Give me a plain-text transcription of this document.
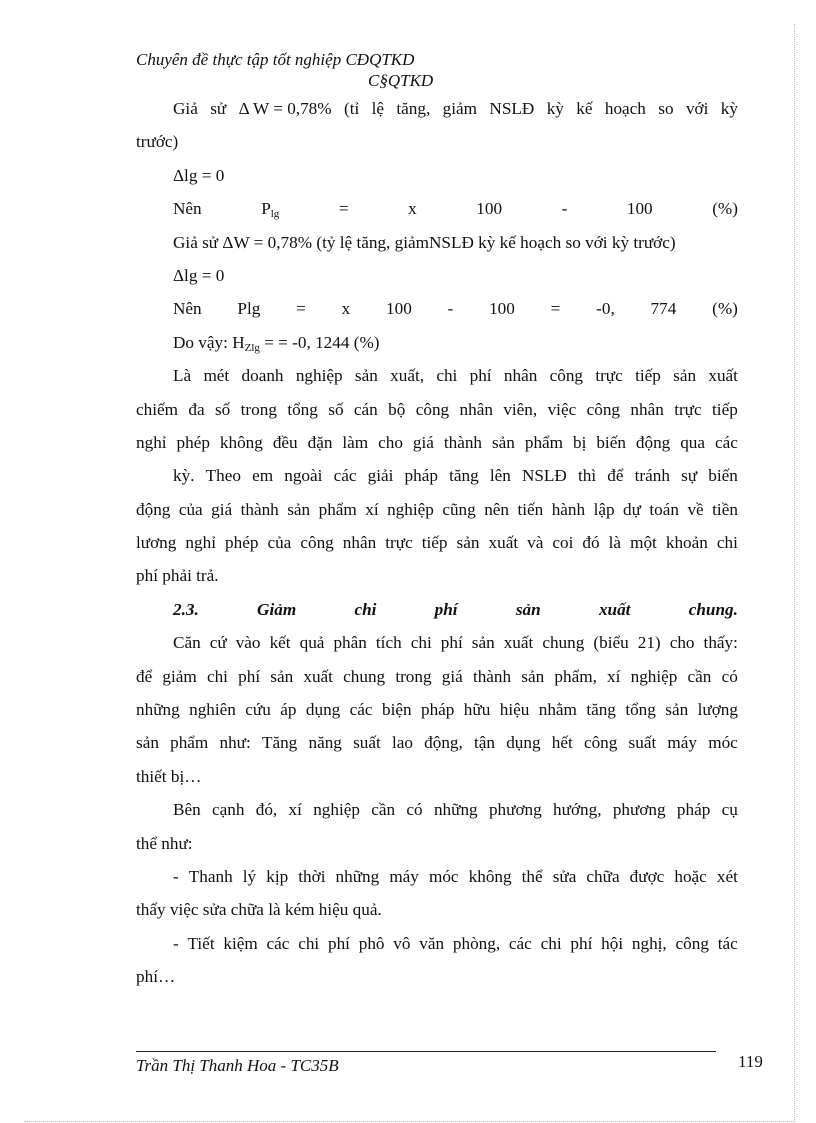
Chuyên đề thực tập tốt nghiệp CĐQTKD
C§QTKD
Giả sử Δ W = 0,78% (tỉ lệ tăng, giảm NSLĐ kỳ kế hoạch so với kỳ
trước)
Δlg = 0
Nên	$P_{lg}$	=	x	100	-	100	(%)
Giả sử ΔW = 0,78% (tỷ lệ tăng, giảmNSLĐ kỳ kế hoạch so với kỳ trước)
Δlg = 0
Nên Plg = x 100 - 100 = -0, 774 (%)
Do vậy: $H_{Zlg}$ = = -0, 1244 (%)
Là mét doanh nghiệp sản xuất, chi phí nhân công trực tiếp sản xuất
chiếm đa số trong tổng số cán bộ công nhân viên, việc công nhân trực tiếp
nghỉ phép không đều đặn làm cho giá thành sản phẩm bị biến động qua các
kỳ. Theo em ngoài các giải pháp tăng lên NSLĐ thì để tránh sự biến
động của giá thành sản phẩm xí nghiệp cũng nên tiến hành lập dự toán về tiền
lương nghỉ phép của công nhân trực tiếp sản xuất và coi đó là một khoản chi
phí phải trả.
2.3.	Giảm	chi	phí	sản	xuất	chung.
Căn cứ vào kết quả phân tích chi phí sản xuất chung (biểu 21) cho thấy:
để giảm chi phí sản xuất chung trong giá thành sản phẩm, xí nghiệp cần có
những nghiên cứu áp dụng các biện pháp hữu hiệu nhằm tăng tổng sản lượng
sản phẩm như: Tăng năng suất lao động, tận dụng hết công suất máy móc
thiết bị…
Bên cạnh đó, xí nghiệp cần có những phương hướng, phương pháp cụ
thể như:
- Thanh lý kịp thời những máy móc không thể sửa chữa được hoặc xét
thấy việc sửa chữa là kém hiệu quả.
- Tiết kiệm các chi phí phô vô văn phòng, các chi phí hội nghị, công tác
phí…
Trần Thị Thanh Hoa - TC35B	119
